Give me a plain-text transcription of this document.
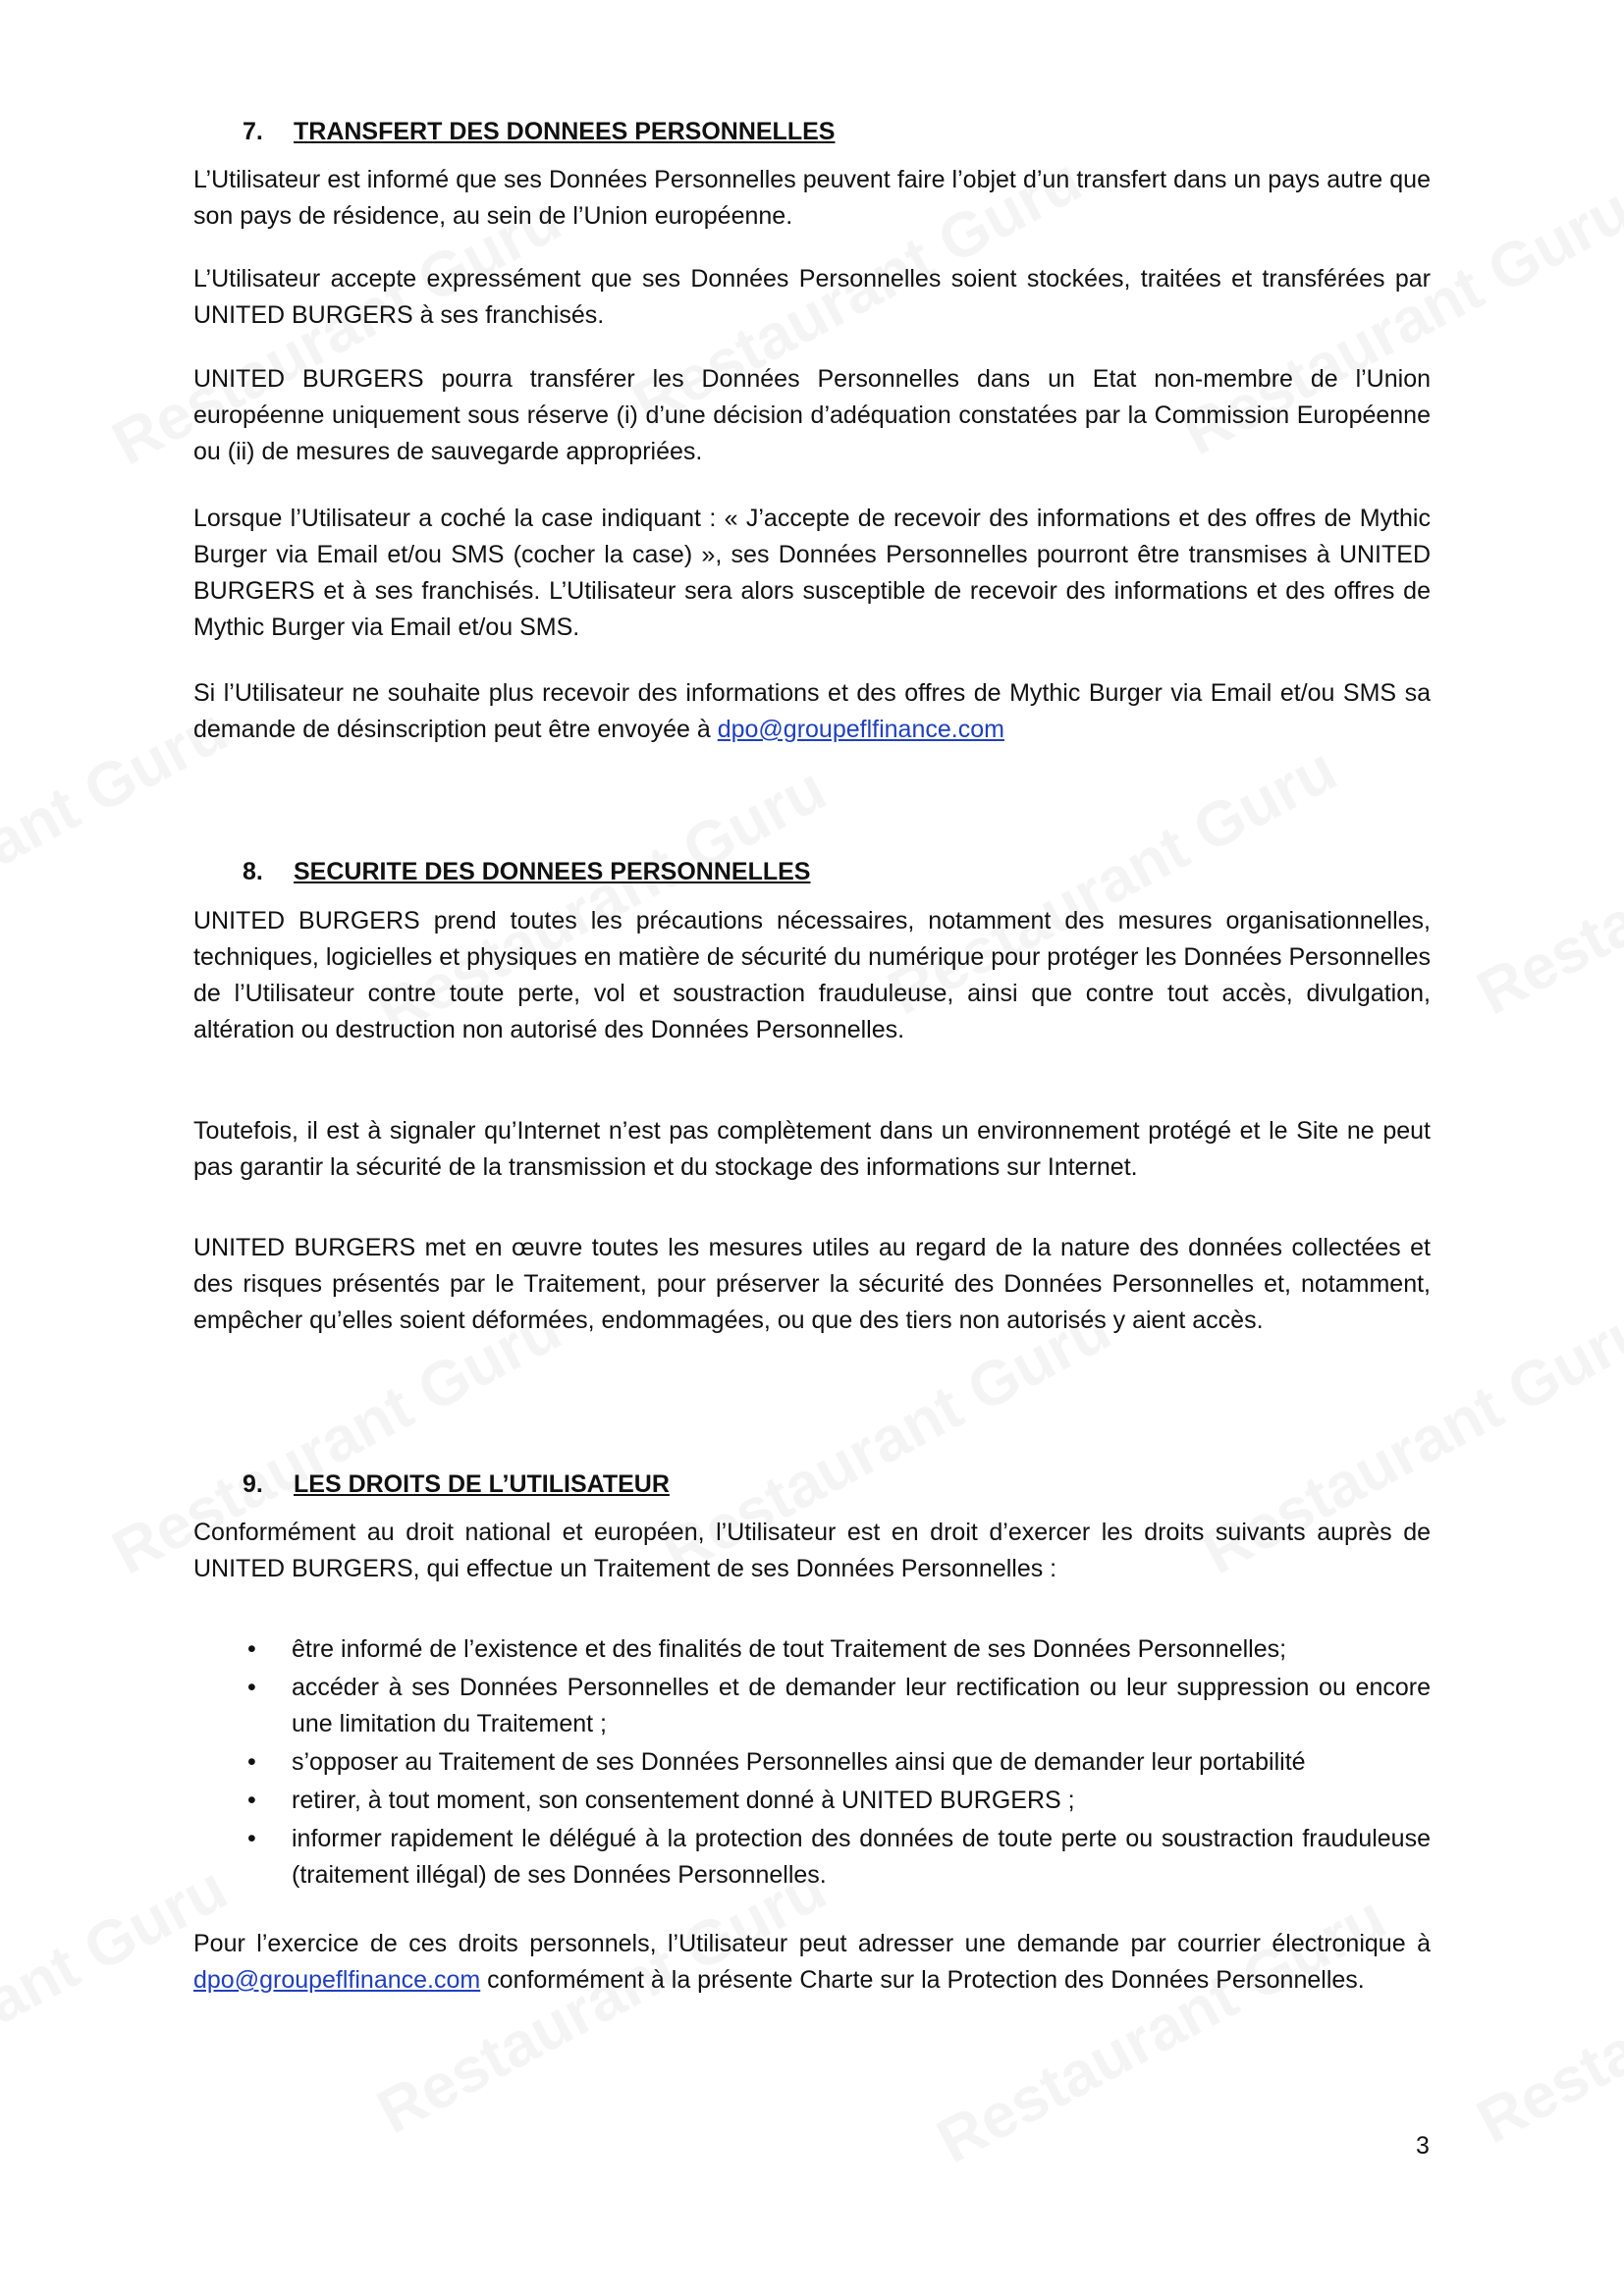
7. TRANSFERT DES DONNEES PERSONNELLES

L’Utilisateur est informé que ses Données Personnelles peuvent faire l’objet d’un transfert dans un pays autre que son pays de résidence, au sein de l’Union européenne.

L’Utilisateur accepte expressément que ses Données Personnelles soient stockées, traitées et transférées par UNITED BURGERS à ses franchisés.

UNITED BURGERS pourra transférer les Données Personnelles dans un Etat non-membre de l’Union européenne uniquement sous réserve (i) d’une décision d’adéquation constatées par la Commission Européenne ou (ii) de mesures de sauvegarde appropriées.

Lorsque l’Utilisateur a coché la case indiquant : « J’accepte de recevoir des informations et des offres de Mythic Burger via Email et/ou SMS (cocher la case) », ses Données Personnelles pourront être transmises à UNITED BURGERS et à ses franchisés. L’Utilisateur sera alors susceptible de recevoir des informations et des offres de Mythic Burger via Email et/ou SMS.

Si l’Utilisateur ne souhaite plus recevoir des informations et des offres de Mythic Burger via Email et/ou SMS sa demande de désinscription peut être envoyée à dpo@groupeflfinance.com

8. SECURITE DES DONNEES PERSONNELLES

UNITED BURGERS prend toutes les précautions nécessaires, notamment des mesures organisationnelles, techniques, logicielles et physiques en matière de sécurité du numérique pour protéger les Données Personnelles de l’Utilisateur contre toute perte, vol et soustraction frauduleuse, ainsi que contre tout accès, divulgation, altération ou destruction non autorisé des Données Personnelles.

Toutefois, il est à signaler qu’Internet n’est pas complètement dans un environnement protégé et le Site ne peut pas garantir la sécurité de la transmission et du stockage des informations sur Internet.

UNITED BURGERS met en œuvre toutes les mesures utiles au regard de la nature des données collectées et des risques présentés par le Traitement, pour préserver la sécurité des Données Personnelles et, notamment, empêcher qu’elles soient déformées, endommagées, ou que des tiers non autorisés y aient accès.

9. LES DROITS DE L’UTILISATEUR

Conformément au droit national et européen, l’Utilisateur est en droit d’exercer les droits suivants auprès de UNITED BURGERS, qui effectue un Traitement de ses Données Personnelles :

• être informé de l’existence et des finalités de tout Traitement de ses Données Personnelles;
• accéder à ses Données Personnelles et de demander leur rectification ou leur suppression ou encore une limitation du Traitement ;
• s’opposer au Traitement de ses Données Personnelles ainsi que de demander leur portabilité
• retirer, à tout moment, son consentement donné à UNITED BURGERS ;
• informer rapidement le délégué à la protection des données de toute perte ou soustraction frauduleuse (traitement illégal) de ses Données Personnelles.

Pour l’exercice de ces droits personnels, l’Utilisateur peut adresser une demande par courrier électronique à dpo@groupeflfinance.com conformément à la présente Charte sur la Protection des Données Personnelles.

3
